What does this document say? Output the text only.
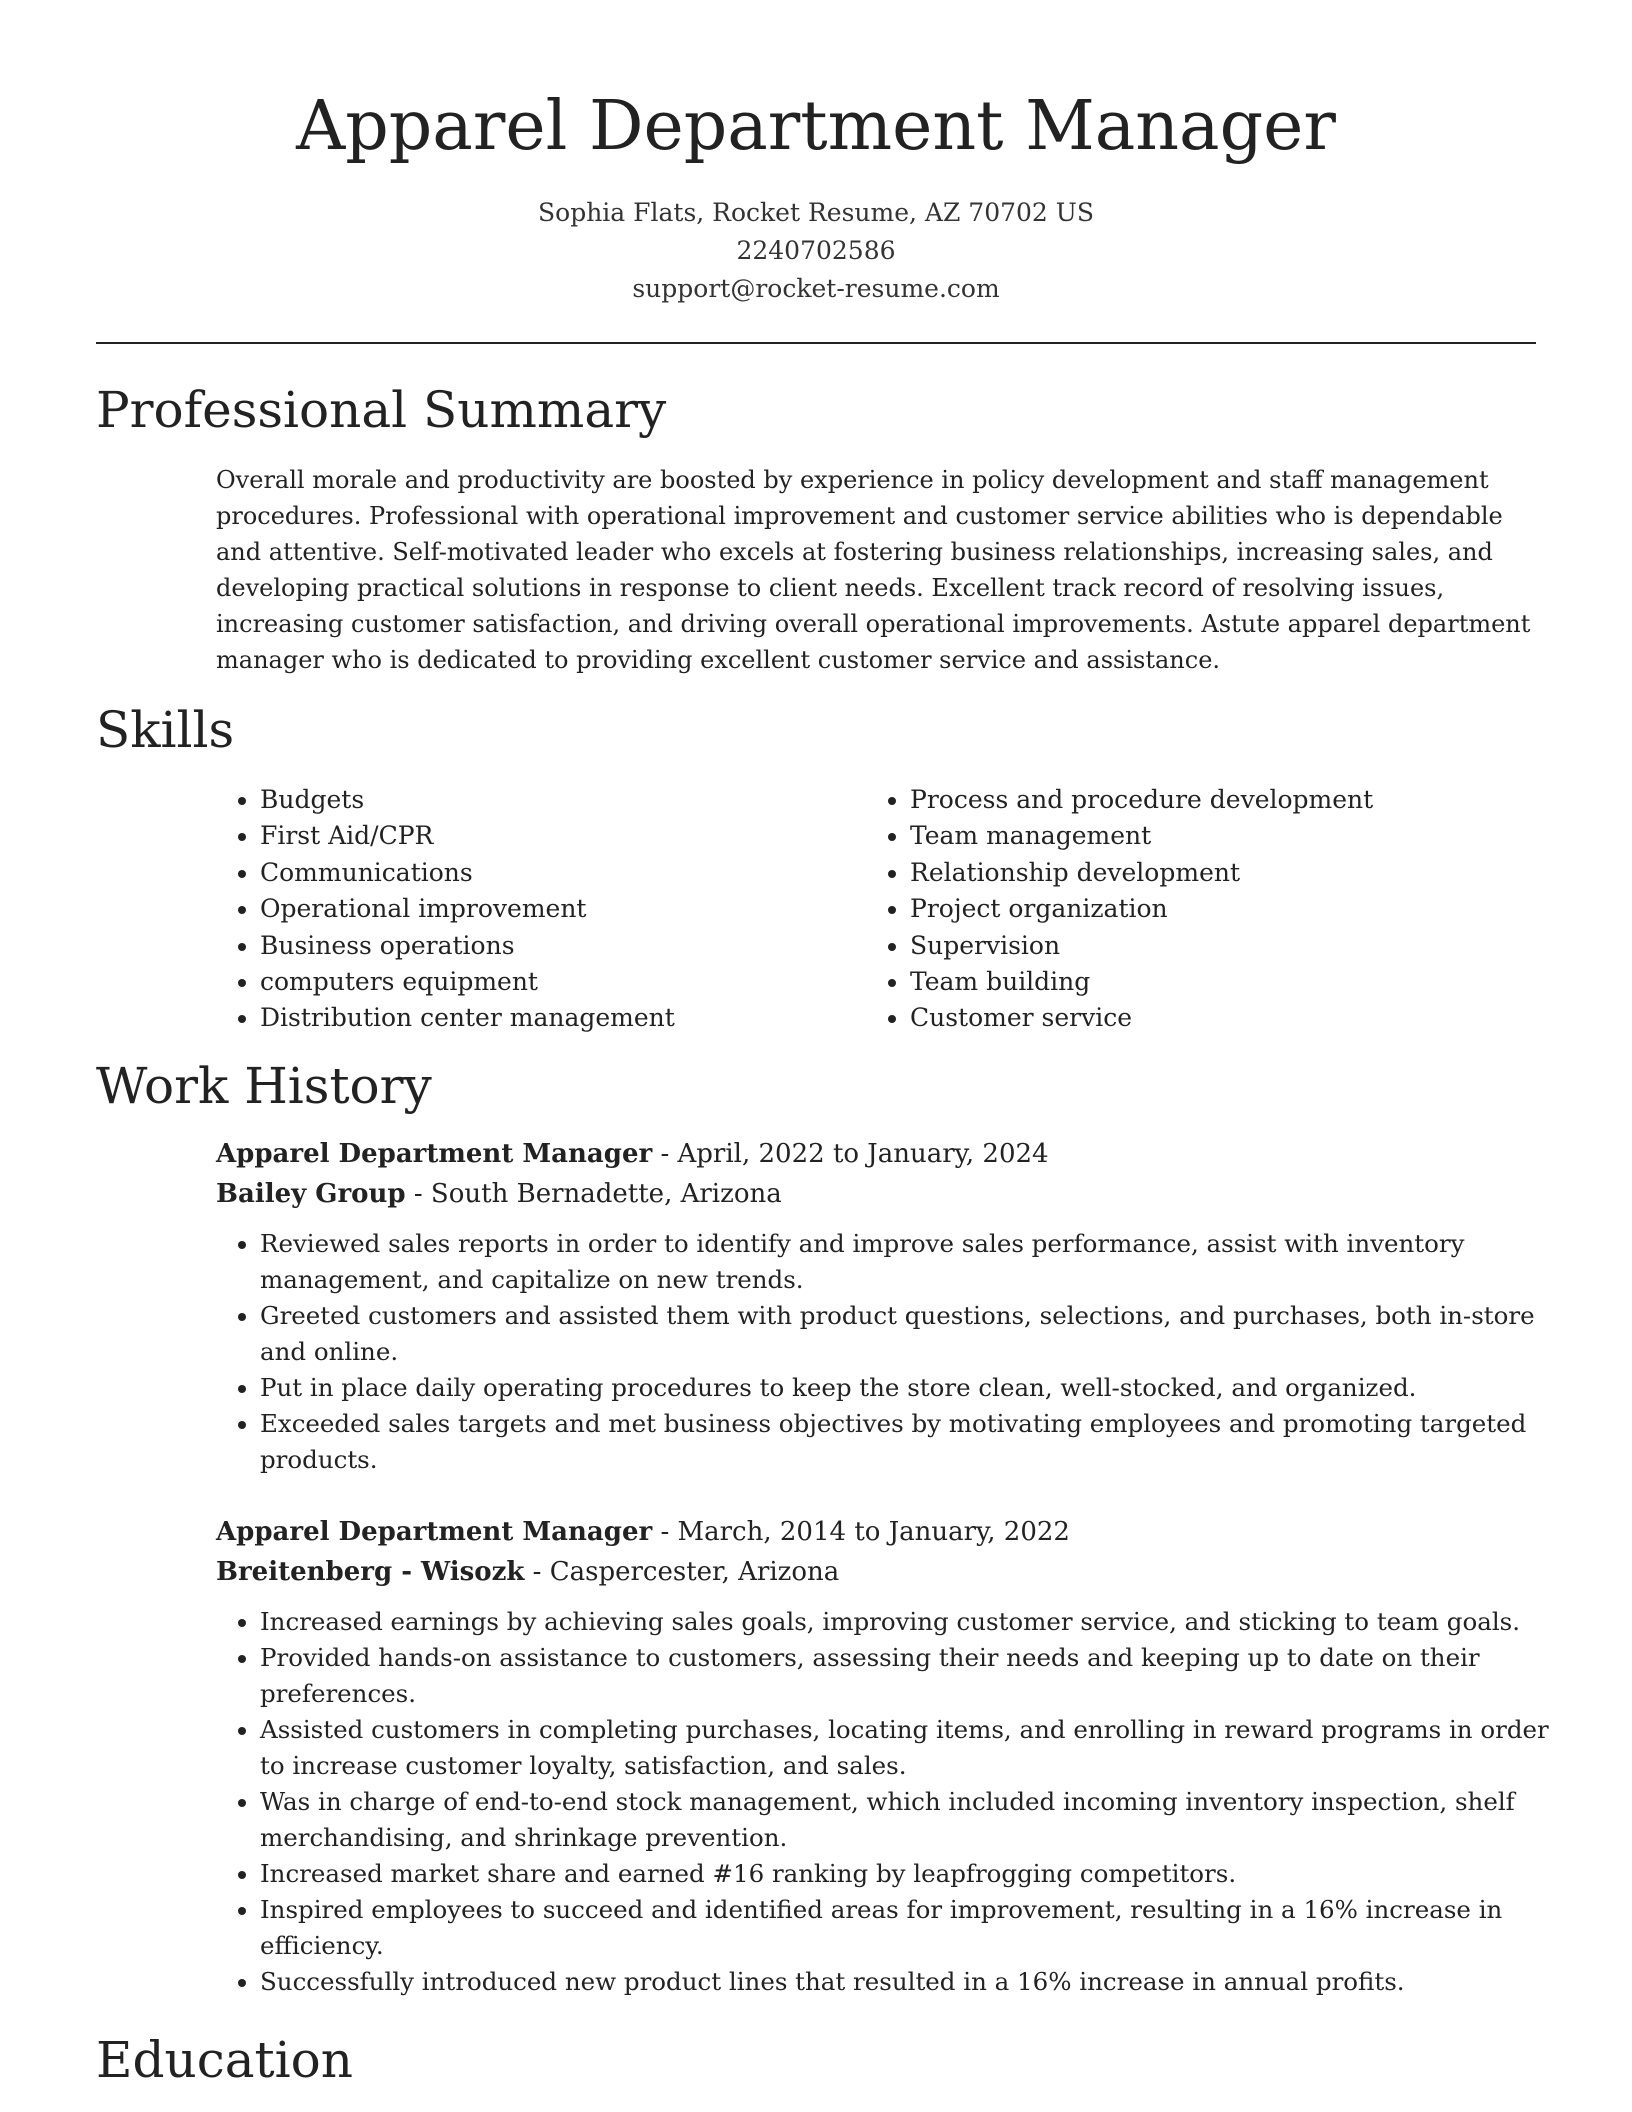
Apparel Department Manager
Sophia Flats, Rocket Resume, AZ 70702 US
2240702586
support@rocket-resume.com
Professional Summary

Overall morale and productivity are boosted by experience in policy development and staff management procedures. Professional with operational improvement and customer service abilities who is dependable and attentive. Self-motivated leader who excels at fostering business relationships, increasing sales, and developing practical solutions in response to client needs. Excellent track record of resolving issues, increasing customer satisfaction, and driving overall operational improvements. Astute apparel department manager who is dedicated to providing excellent customer service and assistance.

Skills
• Budgets
• First Aid/CPR
• Communications
• Operational improvement
• Business operations
• computers equipment
• Distribution center management
• Process and procedure development
• Team management
• Relationship development
• Project organization
• Supervision
• Team building
• Customer service
Work History
Apparel Department Manager - April, 2022 to January, 2024
Bailey Group - South Bernadette, Arizona
• Reviewed sales reports in order to identify and improve sales performance, assist with inventory management, and capitalize on new trends.
• Greeted customers and assisted them with product questions, selections, and purchases, both in-store and online.
• Put in place daily operating procedures to keep the store clean, well-stocked, and organized.
• Exceeded sales targets and met business objectives by motivating employees and promoting targeted products.
Apparel Department Manager - March, 2014 to January, 2022
Breitenberg - Wisozk - Caspercester, Arizona
• Increased earnings by achieving sales goals, improving customer service, and sticking to team goals.
• Provided hands-on assistance to customers, assessing their needs and keeping up to date on their preferences.
• Assisted customers in completing purchases, locating items, and enrolling in reward programs in order to increase customer loyalty, satisfaction, and sales.
• Was in charge of end-to-end stock management, which included incoming inventory inspection, shelf merchandising, and shrinkage prevention.
• Increased market share and earned #16 ranking by leapfrogging competitors.
• Inspired employees to succeed and identified areas for improvement, resulting in a 16% increase in efficiency.
• Successfully introduced new product lines that resulted in a 16% increase in annual profits.
Education
